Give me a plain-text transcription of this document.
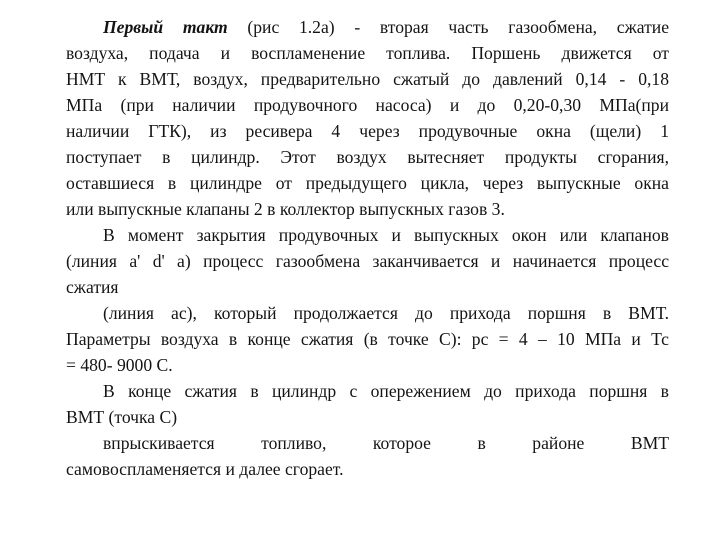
Первый такт (рис 1.2а) - вторая часть газообмена, сжатие
воздуха, подача и воспламенение топлива. Поршень движется от
НМТ к ВМТ, воздух, предварительно сжатый до давлений 0,14 - 0,18
МПа (при наличии продувочного насоса) и до 0,20-0,30 МПа(при
наличии ГТК), из ресивера 4 через продувочные окна (щели) 1
поступает в цилиндр. Этот воздух вытесняет продукты сгорания,
оставшиеся в цилиндре от предыдущего цикла, через выпускные окна
или выпускные клапаны 2 в коллектор выпускных газов 3.
В момент закрытия продувочных и выпускных окон или клапанов
(линия а' d' а) процесс газообмена заканчивается и начинается процесс
сжатия
(линия ас), который продолжается до прихода поршня в ВМТ.
Параметры воздуха в конце сжатия (в точке С): рс = 4 – 10 МПа и Тс
= 480- 9000 С.
В конце сжатия в цилиндр с опережением до прихода поршня в
ВМТ (точка С)
впрыскивается топливо, которое в районе ВМТ
самовоспламеняется и далее сгорает.
